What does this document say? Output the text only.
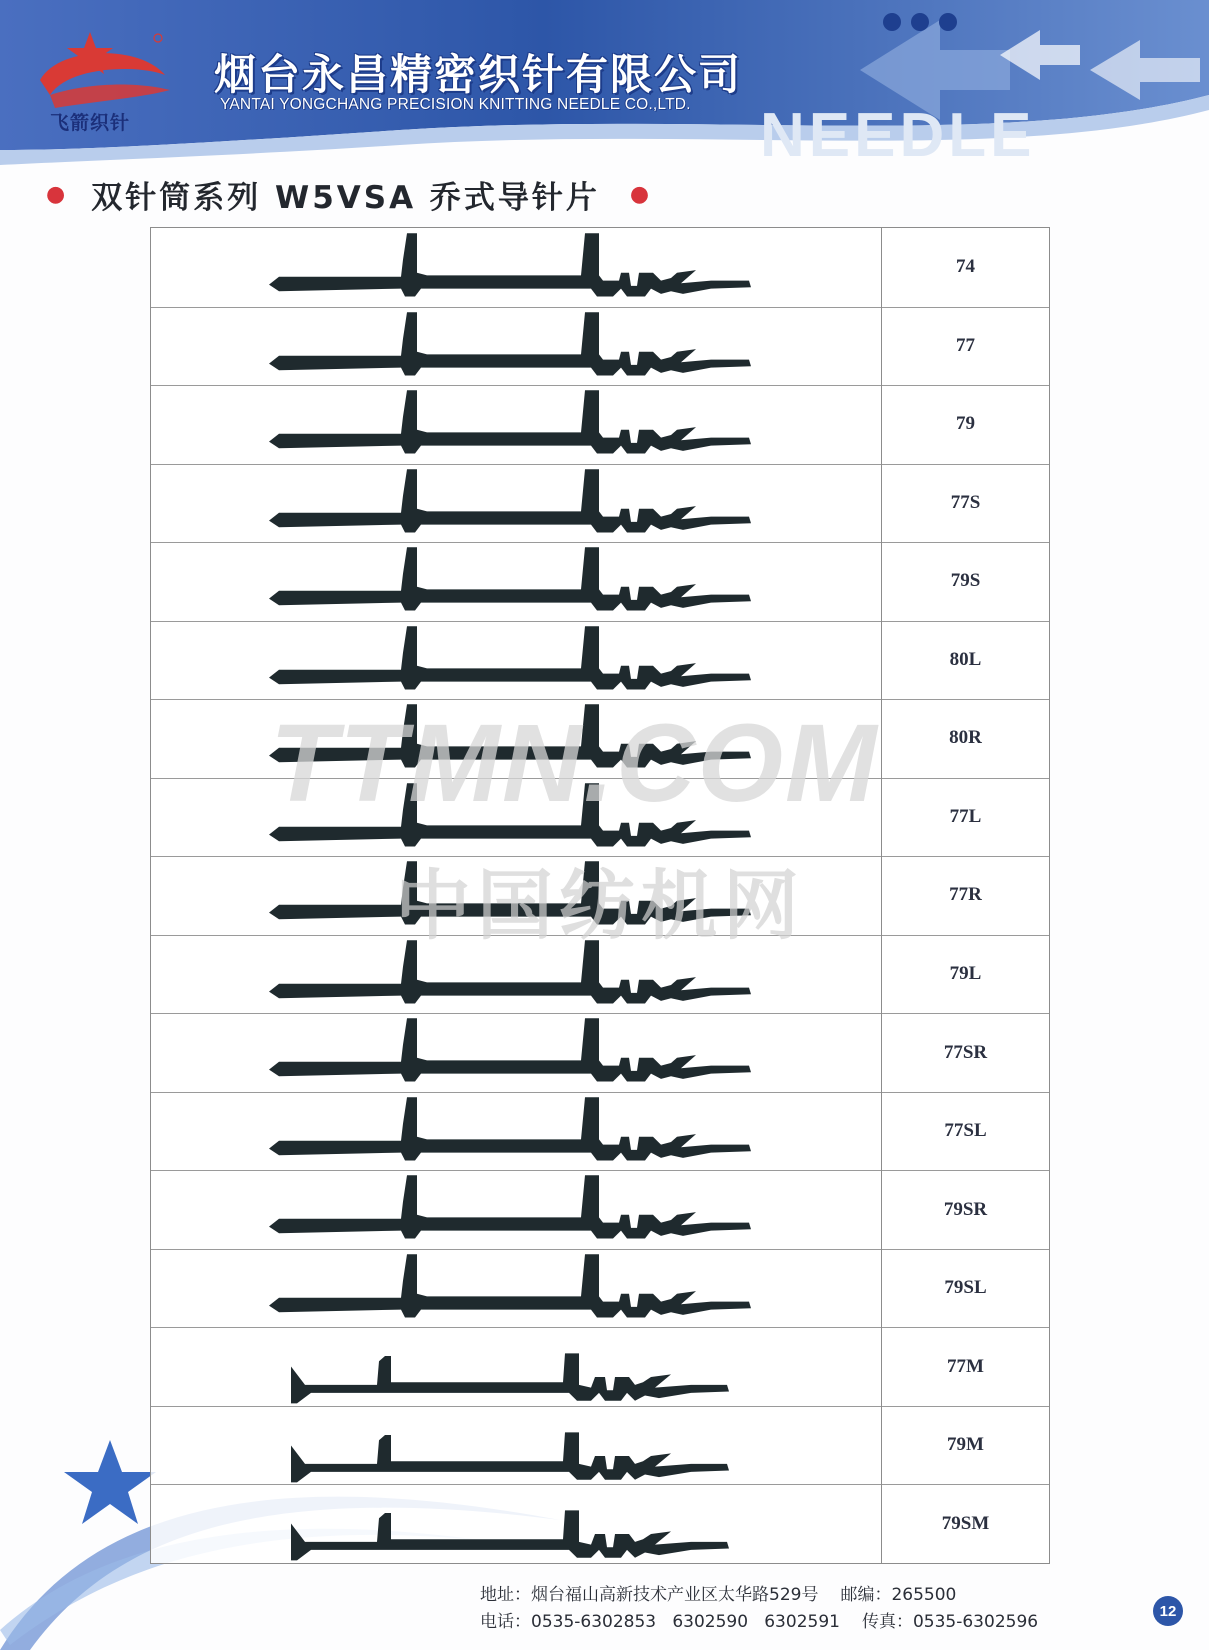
飞箭织针
烟台永昌精密织针有限公司
YANTAI YONGCHANG PRECISION KNITTING NEEDLE CO.,LTD. NEEDLE
● 双针筒系列 W5VSA 乔式导针片 ●
74
77
79
77S
79S
80L
80R
77L
77R
79L
77SR
77SL
79SR
79SL
77M
79M
79SM
TTMN.COM
中国纺机网
地址：烟台福山高新技术产业区太华路529号 邮编：265500
电话：0535-6302853   6302590   6302591 传真：0535-6302596
12
